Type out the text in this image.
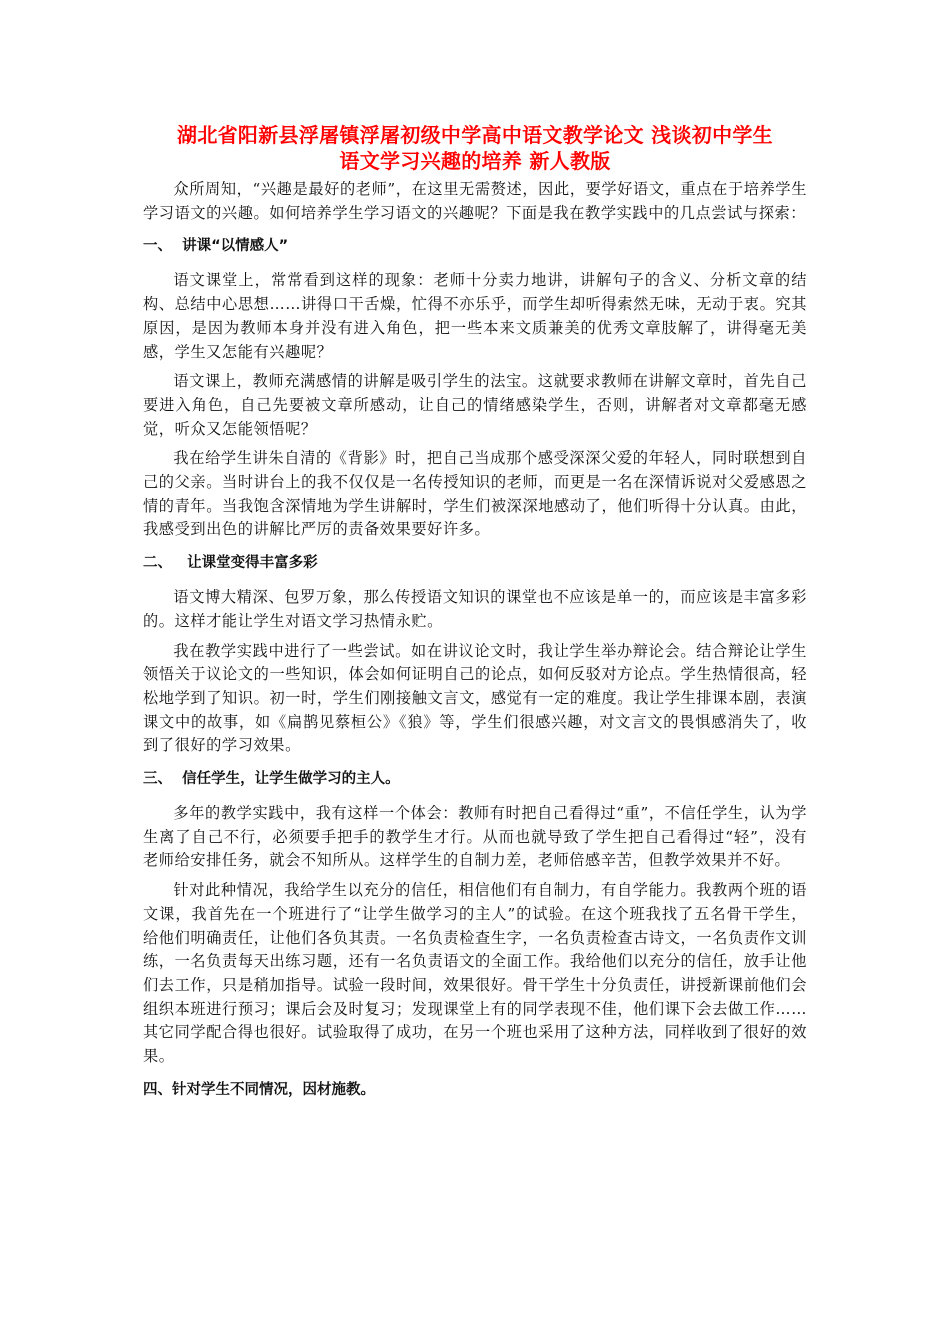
湖北省阳新县浮屠镇浮屠初级中学高中语文教学论文 浅谈初中学生
语文学习兴趣的培养 新人教版

众所周知，“兴趣是最好的老师”，在这里无需赘述，因此，要学好语文，重点在于培养学生学习语文的兴趣。如何培养学生学习语文的兴趣呢？下面是我在教学实践中的几点尝试与探索：

一、  讲课“以情感人”

语文课堂上，常常看到这样的现象：老师十分卖力地讲，讲解句子的含义、分析文章的结构、总结中心思想……讲得口干舌燥，忙得不亦乐乎，而学生却听得索然无味，无动于衷。究其原因，是因为教师本身并没有进入角色，把一些本来文质兼美的优秀文章肢解了，讲得毫无美感，学生又怎能有兴趣呢？

语文课上，教师充满感情的讲解是吸引学生的法宝。这就要求教师在讲解文章时，首先自己要进入角色，自己先要被文章所感动，让自己的情绪感染学生，否则，讲解者对文章都毫无感觉，听众又怎能领悟呢？

我在给学生讲朱自清的《背影》时，把自己当成那个感受深深父爱的年轻人，同时联想到自己的父亲。当时讲台上的我不仅仅是一名传授知识的老师，而更是一名在深情诉说对父爱感恩之情的青年。当我饱含深情地为学生讲解时，学生们被深深地感动了，他们听得十分认真。由此，我感受到出色的讲解比严厉的责备效果要好许多。

二、   让课堂变得丰富多彩

语文博大精深、包罗万象，那么传授语文知识的课堂也不应该是单一的，而应该是丰富多彩的。这样才能让学生对语文学习热情永贮。

我在教学实践中进行了一些尝试。如在讲议论文时，我让学生举办辩论会。结合辩论让学生领悟关于议论文的一些知识，体会如何证明自己的论点，如何反驳对方论点。学生热情很高，轻松地学到了知识。初一时，学生们刚接触文言文，感觉有一定的难度。我让学生排课本剧，表演课文中的故事，如《扁鹊见蔡桓公》《狼》等，学生们很感兴趣，对文言文的畏惧感消失了，收到了很好的学习效果。

三、  信任学生，让学生做学习的主人。

多年的教学实践中，我有这样一个体会：教师有时把自己看得过“重”，不信任学生，认为学生离了自己不行，必须要手把手的教学生才行。从而也就导致了学生把自己看得过“轻”，没有老师给安排任务，就会不知所从。这样学生的自制力差，老师倍感辛苦，但教学效果并不好。

针对此种情况，我给学生以充分的信任，相信他们有自制力，有自学能力。我教两个班的语文课，我首先在一个班进行了“让学生做学习的主人”的试验。在这个班我找了五名骨干学生，给他们明确责任，让他们各负其责。一名负责检查生字，一名负责检查古诗文，一名负责作文训练，一名负责每天出练习题，还有一名负责语文的全面工作。我给他们以充分的信任，放手让他们去工作，只是稍加指导。试验一段时间，效果很好。骨干学生十分负责任，讲授新课前他们会组织本班进行预习；课后会及时复习；发现课堂上有的同学表现不佳，他们课下会去做工作……其它同学配合得也很好。试验取得了成功，在另一个班也采用了这种方法，同样收到了很好的效果。

四、针对学生不同情况，因材施教。
